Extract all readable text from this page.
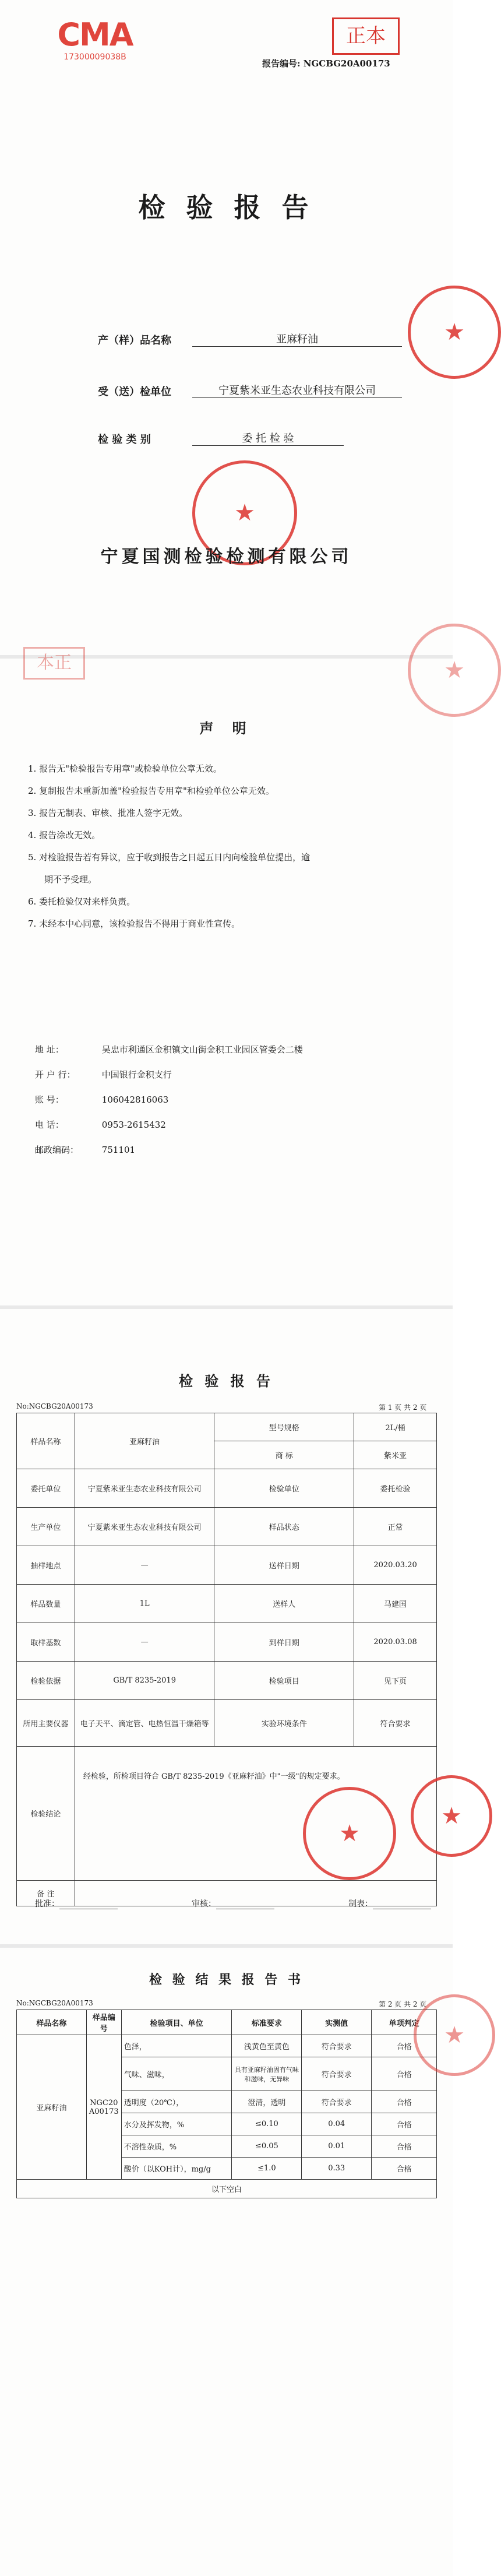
CMA
17300009038B
正本
报告编号: NGCBG20A00173
检 验 报 告
产（样）品名称	亚麻籽油
受（送）检单位	宁夏紫米亚生态农业科技有限公司
检 验 类 别	委 托 检 验
★
★
宁夏国测检验检测有限公司
本正	★
声 明
1. 报告无"检验报告专用章"或检验单位公章无效。
2. 复制报告未重新加盖"检验报告专用章"和检验单位公章无效。
3. 报告无制表、审核、批准人签字无效。
4. 报告涂改无效。
5. 对检验报告若有异议，应于收到报告之日起五日内向检验单位提出，逾
期不予受理。
6. 委托检验仅对来样负责。
7. 未经本中心同意，该检验报告不得用于商业性宣传。
地 址：	吴忠市利通区金积镇文山街金积工业园区管委会二楼
开 户 行：	中国银行金积支行
账 号：	106042816063
电 话：	0953-2615432
邮政编码：	751101
检 验 报 告
No:NGCBG20A00173	第 1 页 共 2 页
样品名称	亚麻籽油	型号规格	2L/桶
		商 标	紫米亚
委托单位	宁夏紫米亚生态农业科技有限公司	检验单位	委托检验
生产单位	宁夏紫米亚生态农业科技有限公司	样品状态	正常
抽样地点	—	送样日期	2020.03.20
样品数量	1L	送样人	马建国
取样基数	—	到样日期	2020.03.08
检验依据	GB/T 8235-2019	检验项目	见下页
所用主要仪器	电子天平、滴定管、电热恒温干燥箱等	实验环境条件	符合要求
检验结论	经检验，所检项目符合 GB/T 8235-2019《亚麻籽油》中"一级"的规定要求。		
备 注			
★
★
批准：	审核：	制表：
检 验 结 果 报 告 书
No:NGCBG20A00173	第 2 页 共 2 页
样品名称	样品编号	检验项目、单位	标准要求	实测值	单项判定
亚麻籽油	NGC20A00173	色泽，	浅黄色至黄色	符合要求	合格
		气味、滋味，	具有亚麻籽油固有气味和滋味，无异味	符合要求	合格
		透明度（20℃），	澄清，透明	符合要求	合格
		水分及挥发物，%	≤0.10	0.04	合格
		不溶性杂质，%	≤0.05	0.01	合格
		酸价（以KOH计），mg/g	≤1.0	0.33	合格
以下空白					
★
